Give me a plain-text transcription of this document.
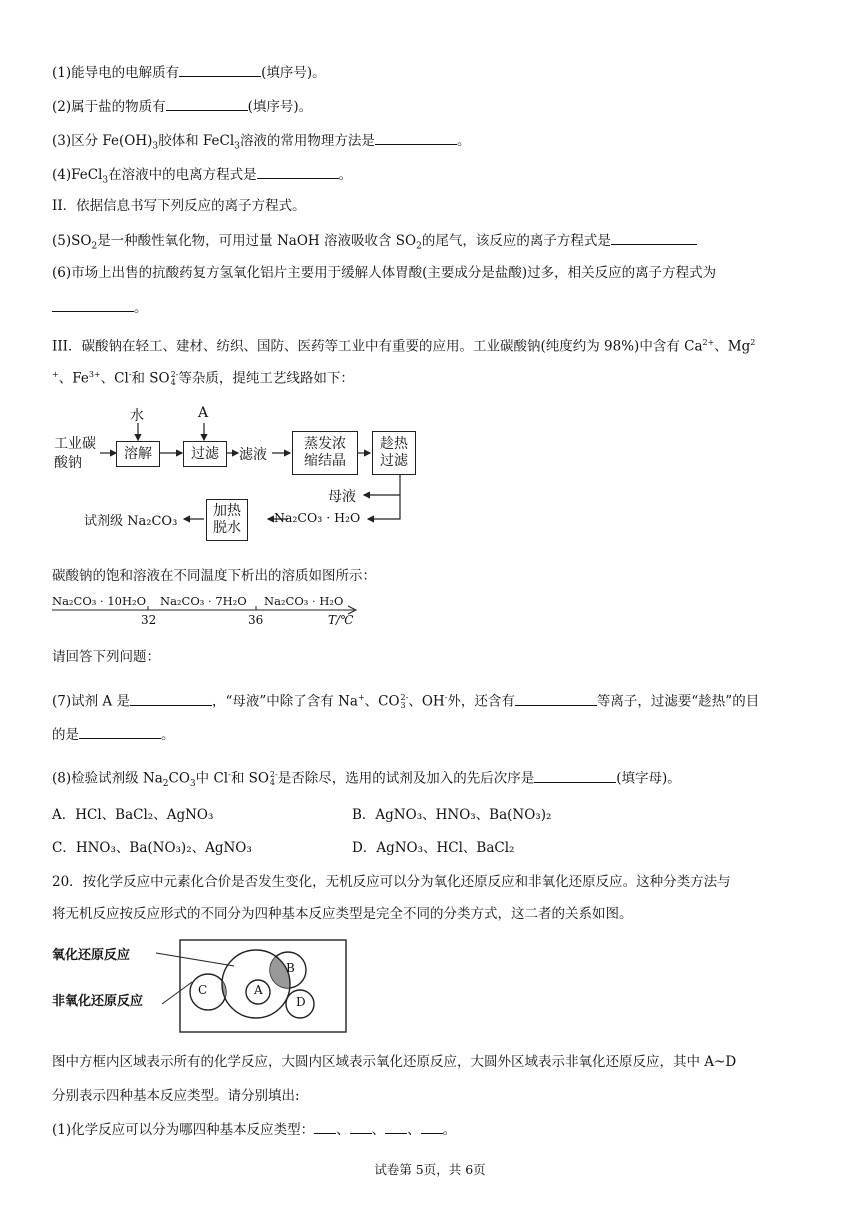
(1)能导电的电解质有	(填序号)。
(2)属于盐的物质有	(填序号)。
(3)区分 $Fe(OH)_3$胶体和 FeCl$_3$溶液的常用物理方法是	。
(4)FeCl$_3$在溶液中的电离方程式是	。
II．依据信息书写下列反应的离子方程式。
$(5)SO_2$是一种酸性氧化物，可用过量 NaOH 溶液吸收含 $SO_2$的尾气，该反应的离子方程式是
(6)市场上出售的抗酸药复方氢氧化铝片主要用于缓解人体胃酸(主要成分是盐酸)过多，相关反应的离子方程式为
。
III．碳酸钠在轻工、建材、纺织、国防、医药等工业中有重要的应用。工业碳酸钠(纯度约为 98%)中含有 $Ca^{2+}$、Mg$^2$
+、$Fe^{3+}$、Cl-和 SO 2-
4 等杂质，提纯工艺线路如下：
水	A
工业碳
酸钠
溶解	过滤	滤液
蒸发浓
缩结晶
趁热
过滤
母液
Na₂CO₃ · H₂O
加热
脱水
试剂级 Na₂CO₃
碳酸钠的饱和溶液在不同温度下析出的溶质如图所示：
Na₂CO₃ · 10H₂O Na₂CO₃ · 7H₂O Na₂CO₃ · H₂O
32	36	T/℃
请回答下列问题：
(7)试剂 A 是	，“母液”中除了含有 Na+、CO 2-
3 、OH-外，还含有	等离子，过滤要“趁热”的目
的是	。
(8)检验试剂级 $Na_2CO_3$中 Cl-和 SO 2-
4 是否除尽，选用的试剂及加入的先后次序是	(填字母)。
A．HCl、BaCl₂、AgNO₃	B．AgNO₃、HNO₃、Ba(NO₃)₂
C．HNO₃、Ba(NO₃)₂、AgNO₃	D．AgNO₃、HCl、BaCl₂
20．按化学反应中元素化合价是否发生变化，无机反应可以分为氧化还原反应和非氧化还原反应。这种分类方法与
将无机反应按反应形式的不同分为四种基本反应类型是完全不同的分类方式，这二者的关系如图。
氧化还原反应
非氧化还原反应
B
C	A
D
图中方框内区域表示所有的化学反应，大圆内区域表示氧化还原反应，大圆外区域表示非氧化还原反应，其中 A~D
分别表示四种基本反应类型。请分别填出:
(1)化学反应可以分为哪四种基本反应类型： 、 、 、 。
试卷第 5页，共 6页
